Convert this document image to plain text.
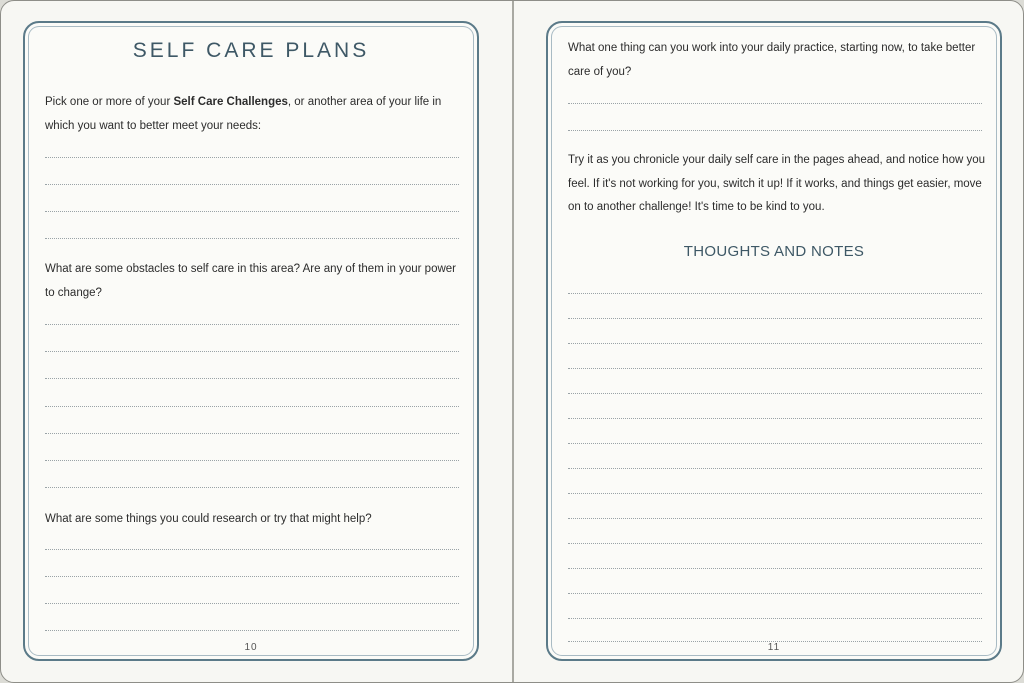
SELF CARE PLANS
Pick one or more of your Self Care Challenges, or another area of your life in which you want to better meet your needs:
What are some obstacles to self care in this area? Are any of them in your power to change?
What are some things you could research or try that might help?
10
What one thing can you work into your daily practice, starting now, to take better care of you?
Try it as you chronicle your daily self care in the pages ahead, and notice how you feel. If it's not working for you, switch it up! If it works, and things get easier, move on to another challenge! It's time to be kind to you.
THOUGHTS AND NOTES
11
